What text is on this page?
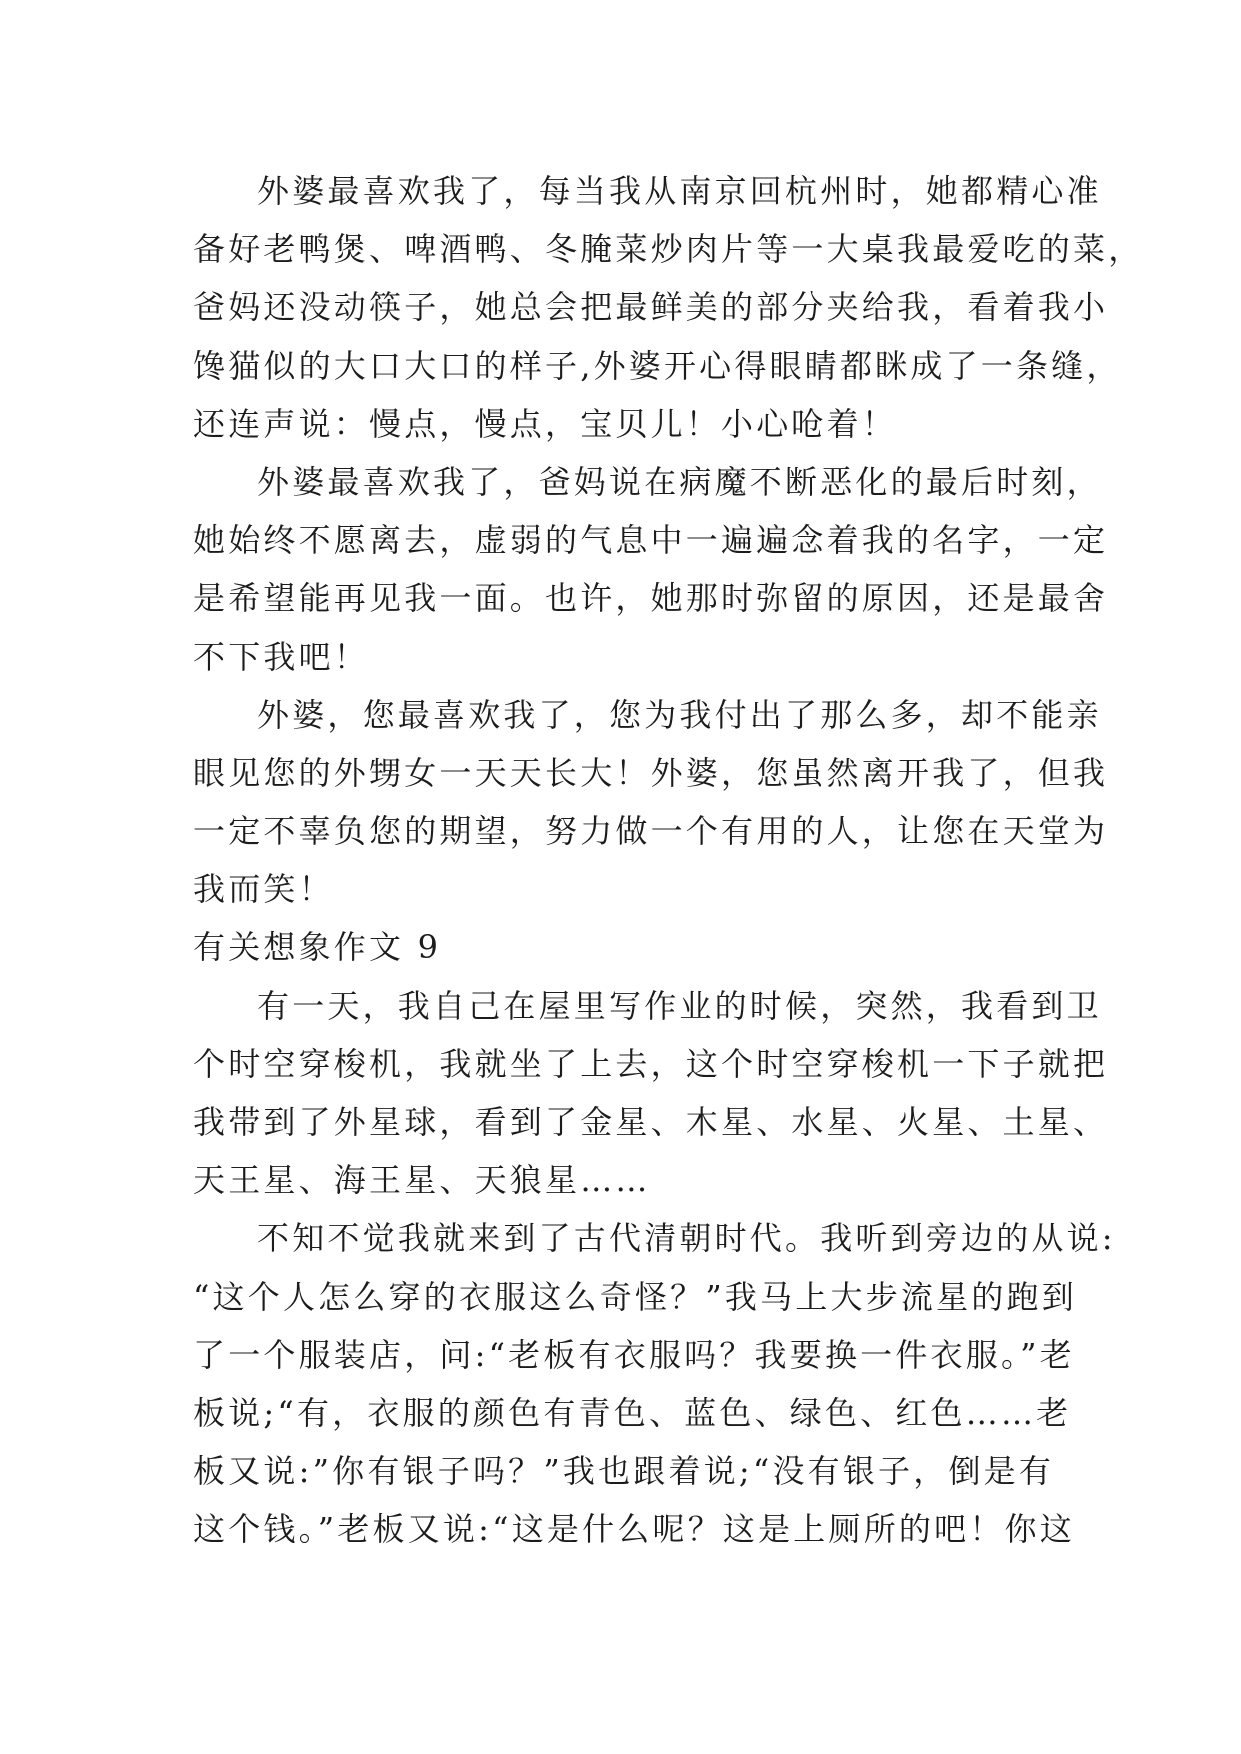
外婆最喜欢我了，每当我从南京回杭州时，她都精心准
备好老鸭煲、啤酒鸭、冬腌菜炒肉片等一大桌我最爱吃的菜，
爸妈还没动筷子，她总会把最鲜美的部分夹给我，看着我小
馋猫似的大口大口的样子,外婆开心得眼睛都眯成了一条缝，
还连声说：慢点，慢点，宝贝儿！小心呛着！
外婆最喜欢我了，爸妈说在病魔不断恶化的最后时刻，
她始终不愿离去，虚弱的气息中一遍遍念着我的名字，一定
是希望能再见我一面。也许，她那时弥留的原因，还是最舍
不下我吧！
外婆，您最喜欢我了，您为我付出了那么多，却不能亲
眼见您的外甥女一天天长大！外婆，您虽然离开我了，但我
一定不辜负您的期望，努力做一个有用的人，让您在天堂为
我而笑！
有关想象作文 9
有一天，我自己在屋里写作业的时候，突然，我看到卫
个时空穿梭机，我就坐了上去，这个时空穿梭机一下子就把
我带到了外星球，看到了金星、木星、水星、火星、土星、
天王星、海王星、天狼星……
不知不觉我就来到了古代清朝时代。我听到旁边的从说:
“这个人怎么穿的衣服这么奇怪？”我马上大步流星的跑到
了一个服装店，问:“老板有衣服吗？我要换一件衣服。”老
板说;“有，衣服的颜色有青色、蓝色、绿色、红色……老
板又说:”你有银子吗？”我也跟着说;“没有银子，倒是有
这个钱。”老板又说:“这是什么呢？这是上厕所的吧！你这
